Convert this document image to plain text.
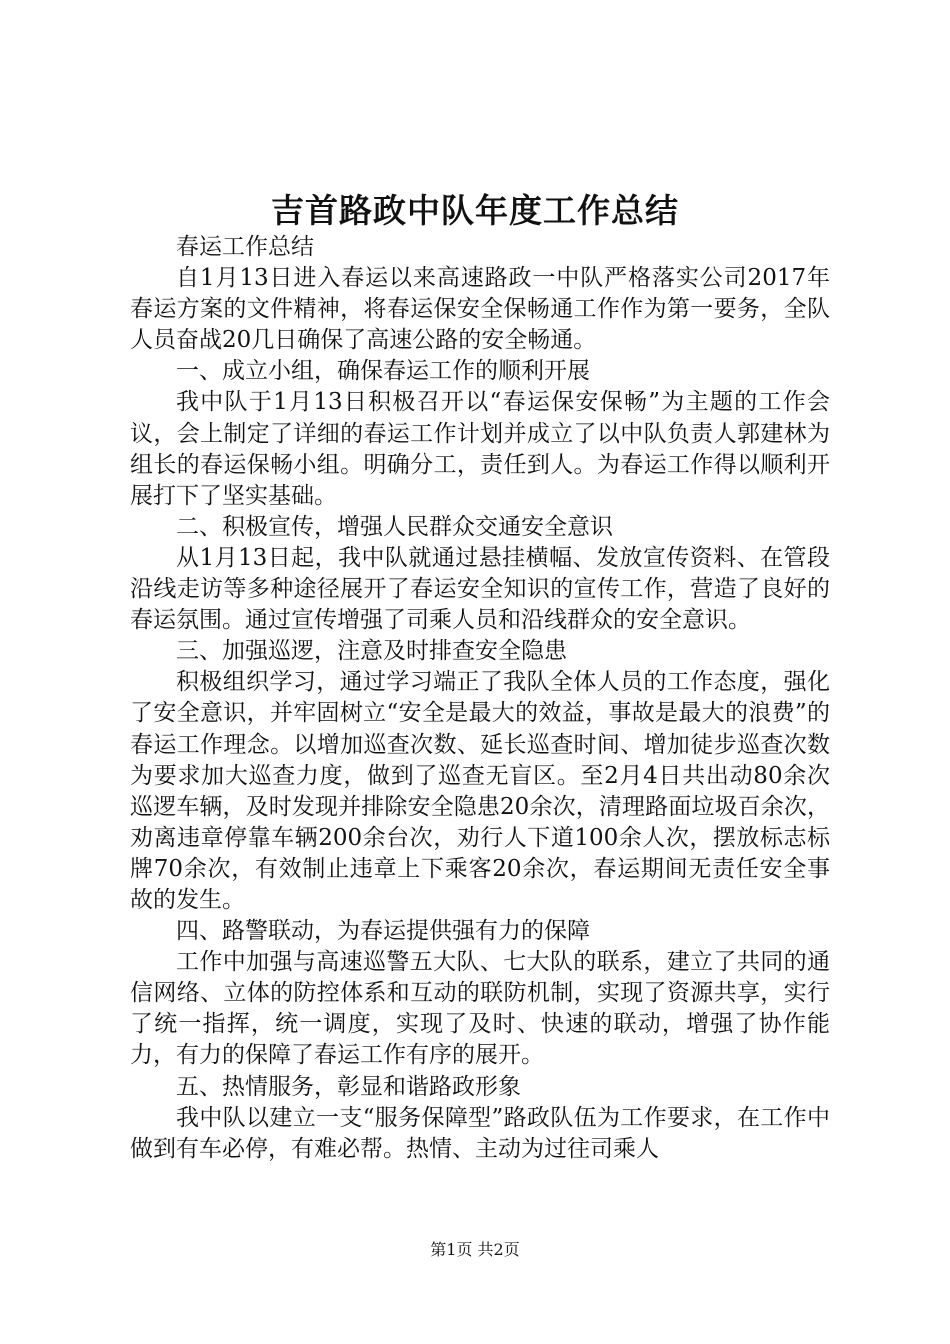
吉首路政中队年度工作总结

春运工作总结

自1月13日进入春运以来高速路政一中队严格落实公司2017年春运方案的文件精神，将春运保安全保畅通工作作为第一要务，全队人员奋战20几日确保了高速公路的安全畅通。

一、成立小组，确保春运工作的顺利开展

我中队于1月13日积极召开以“春运保安保畅”为主题的工作会议，会上制定了详细的春运工作计划并成立了以中队负责人郭建林为组长的春运保畅小组。明确分工，责任到人。为春运工作得以顺利开展打下了坚实基础。

二、积极宣传，增强人民群众交通安全意识

从1月13日起，我中队就通过悬挂横幅、发放宣传资料、在管段沿线走访等多种途径展开了春运安全知识的宣传工作，营造了良好的春运氛围。通过宣传增强了司乘人员和沿线群众的安全意识。

三、加强巡逻，注意及时排查安全隐患

积极组织学习，通过学习端正了我队全体人员的工作态度，强化了安全意识，并牢固树立“安全是最大的效益，事故是最大的浪费”的春运工作理念。以增加巡查次数、延长巡查时间、增加徒步巡查次数为要求加大巡查力度，做到了巡查无盲区。至2月4日共出动80余次巡逻车辆，及时发现并排除安全隐患20余次，清理路面垃圾百余次，劝离违章停靠车辆200余台次，劝行人下道100余人次，摆放标志标牌70余次，有效制止违章上下乘客20余次，春运期间无责任安全事故的发生。

四、路警联动，为春运提供强有力的保障

工作中加强与高速巡警五大队、七大队的联系，建立了共同的通信网络、立体的防控体系和互动的联防机制，实现了资源共享，实行了统一指挥，统一调度，实现了及时、快速的联动，增强了协作能力，有力的保障了春运工作有序的展开。

五、热情服务，彰显和谐路政形象

我中队以建立一支“服务保障型”路政队伍为工作要求，在工作中做到有车必停，有难必帮。热情、主动为过往司乘人

第1页 共2页
